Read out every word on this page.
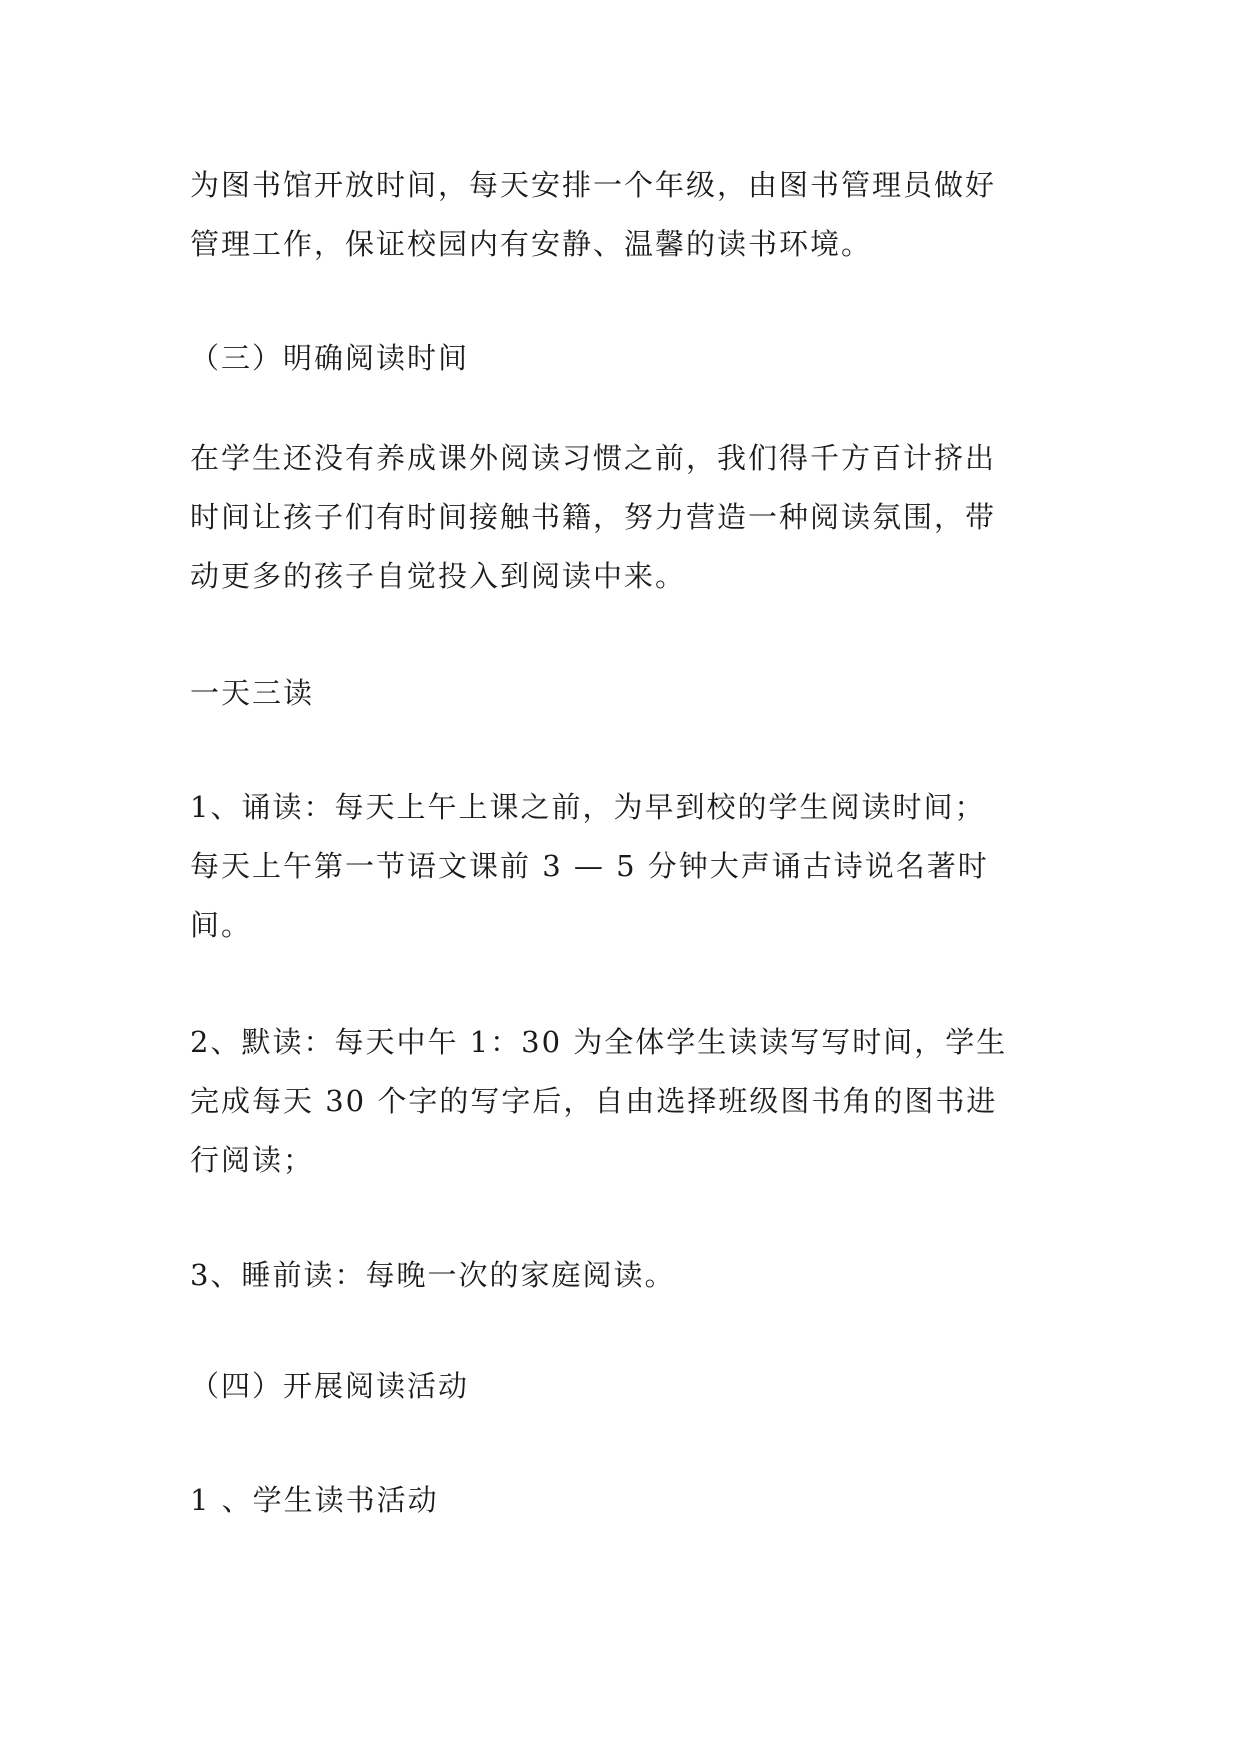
为图书馆开放时间，每天安排一个年级，由图书管理员做好
管理工作，保证校园内有安静、温馨的读书环境。

（三）明确阅读时间

在学生还没有养成课外阅读习惯之前，我们得千方百计挤出
时间让孩子们有时间接触书籍，努力营造一种阅读氛围，带
动更多的孩子自觉投入到阅读中来。

一天三读

1、诵读：每天上午上课之前，为早到校的学生阅读时间；
每天上午第一节语文课前 3 — 5 分钟大声诵古诗说名著时
间。

2、默读：每天中午 1：30 为全体学生读读写写时间，学生
完成每天 30 个字的写字后，自由选择班级图书角的图书进
行阅读；

3、睡前读：每晚一次的家庭阅读。

（四）开展阅读活动

1 、学生读书活动
